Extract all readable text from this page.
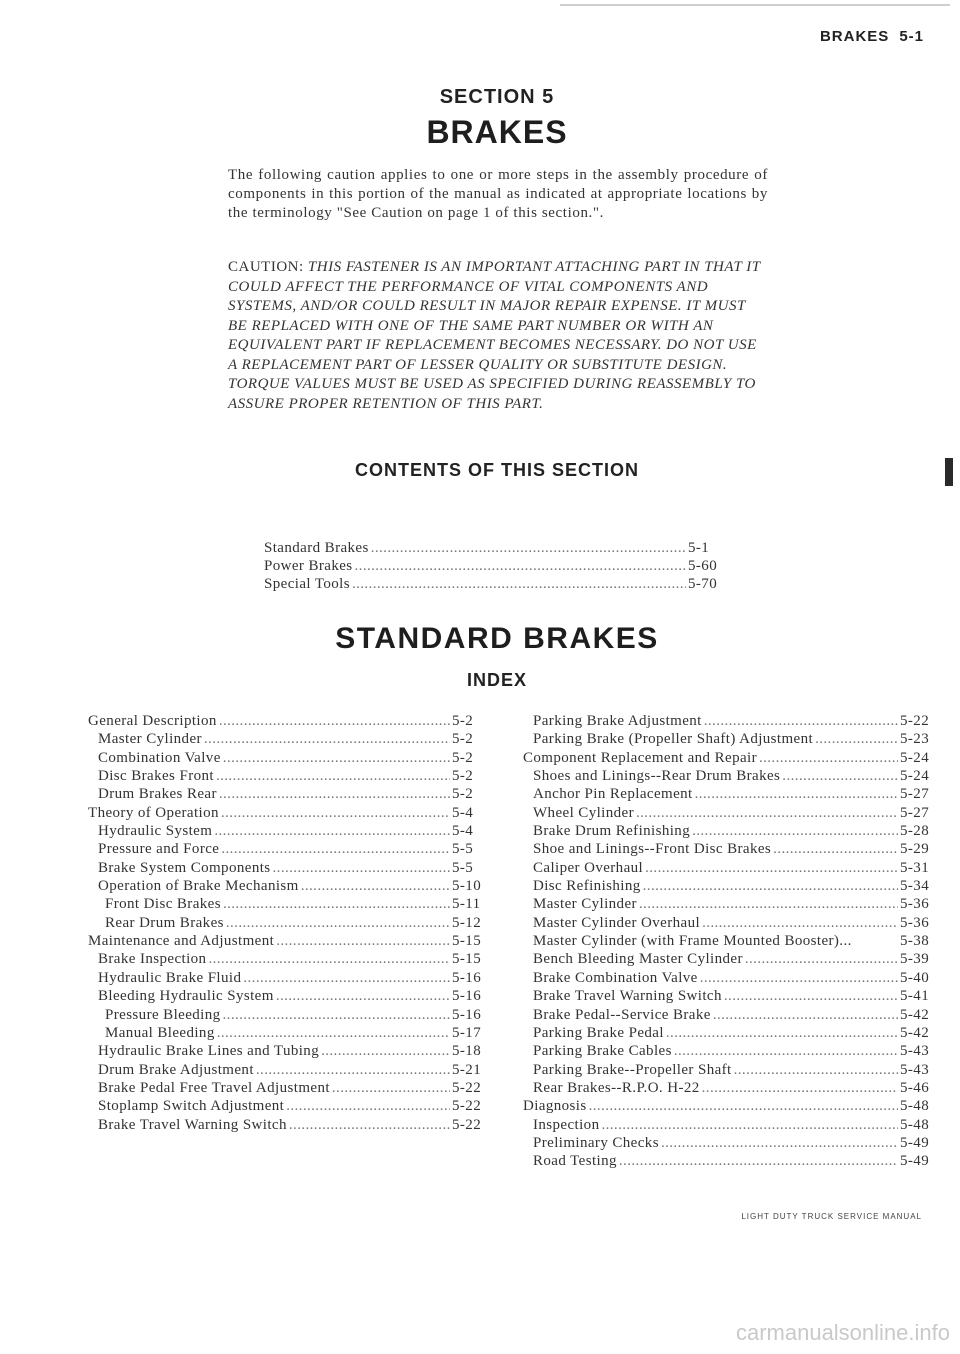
BRAKES 5-1
SECTION 5
BRAKES

The following caution applies to one or more steps in the assembly procedure of components in this portion of the manual as indicated at appropriate locations by the terminology "See Caution on page 1 of this section.".

CAUTION: THIS FASTENER IS AN IMPORTANT ATTACHING PART IN THAT IT COULD AFFECT THE PERFORMANCE OF VITAL COMPONENTS AND SYSTEMS, AND/OR COULD RESULT IN MAJOR REPAIR EXPENSE. IT MUST BE REPLACED WITH ONE OF THE SAME PART NUMBER OR WITH AN EQUIVALENT PART IF REPLACEMENT BECOMES NECESSARY. DO NOT USE A REPLACEMENT PART OF LESSER QUALITY OR SUBSTITUTE DESIGN. TORQUE VALUES MUST BE USED AS SPECIFIED DURING REASSEMBLY TO ASSURE PROPER RETENTION OF THIS PART.

CONTENTS OF THIS SECTION
Standard Brakes .....	5-1
Power Brakes .....	5-60
Special Tools .....	5-70
STANDARD BRAKES
INDEX
General Description .....	5-2
Master Cylinder .....	5-2
Combination Valve .....	5-2
Disc Brakes Front .....	5-2
Drum Brakes Rear .....	5-2
Theory of Operation .....	5-4
Hydraulic System .....	5-4
Pressure and Force .....	5-5
Brake System Components .....	5-5
Operation of Brake Mechanism .....	5-10
Front Disc Brakes .....	5-11
Rear Drum Brakes .....	5-12
Maintenance and Adjustment .....	5-15
Brake Inspection .....	5-15
Hydraulic Brake Fluid .....	5-16
Bleeding Hydraulic System .....	5-16
Pressure Bleeding .....	5-16
Manual Bleeding .....	5-17
Hydraulic Brake Lines and Tubing .....	5-18
Drum Brake Adjustment .....	5-21
Brake Pedal Free Travel Adjustment .....	5-22
Stoplamp Switch Adjustment .....	5-22
Brake Travel Warning Switch .....	5-22
Parking Brake Adjustment .....	5-22
Parking Brake (Propeller Shaft) Adjustment .....	5-23
Component Replacement and Repair .....	5-24
Shoes and Linings--Rear Drum Brakes .....	5-24
Anchor Pin Replacement .....	5-27
Wheel Cylinder .....	5-27
Brake Drum Refinishing .....	5-28
Shoe and Linings--Front Disc Brakes .....	5-29
Caliper Overhaul .....	5-31
Disc Refinishing .....	5-34
Master Cylinder .....	5-36
Master Cylinder Overhaul .....	5-36
Master Cylinder (with Frame Mounted Booster)...	5-38
Bench Bleeding Master Cylinder .....	5-39
Brake Combination Valve .....	5-40
Brake Travel Warning Switch .....	5-41
Brake Pedal--Service Brake .....	5-42
Parking Brake Pedal .....	5-42
Parking Brake Cables .....	5-43
Parking Brake--Propeller Shaft .....	5-43
Rear Brakes--R.P.O. H-22 .....	5-46
Diagnosis .....	5-48
Inspection .....	5-48
Preliminary Checks .....	5-49
Road Testing .....	5-49
LIGHT DUTY TRUCK SERVICE MANUAL
carmanualsonline.info
